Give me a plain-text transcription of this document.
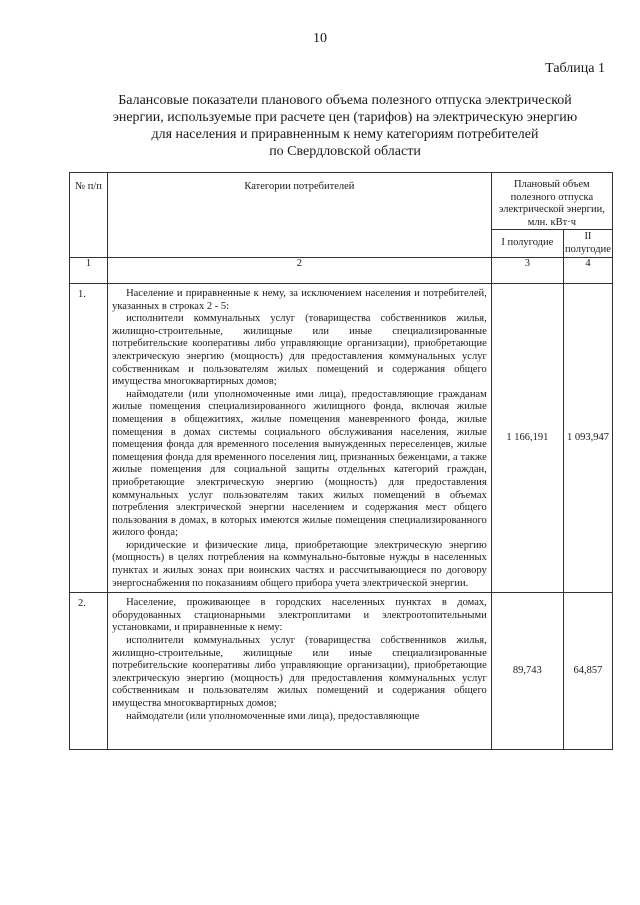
10
Таблица 1
Балансовые показатели планового объема полезного отпуска электрической
энергии, используемые при расчете цен (тарифов) на электрическую энергию
для населения и приравненным к нему категориям потребителей
по Свердловской области
№ п/п	Категории потребителей	Плановый объем полезного отпуска электрической энергии, млн. кВт·ч	
		I полугодие	II полугодие
1	2	3	4
1.	Население и приравненные к нему, за исключением населения и потребителей, указанных в строках 2 - 5:

исполнители коммунальных услуг (товарищества собственников жилья, жилищно-строительные, жилищные или иные специализированные потребительские кооперативы либо управляющие организации), приобретающие электрическую энергию (мощность) для предоставления коммунальных услуг собственникам и пользователям жилых помещений и содержания общего имущества многоквартирных домов;

наймодатели (или уполномоченные ими лица), предоставляющие гражданам жилые помещения специализированного жилищного фонда, включая жилые помещения в общежитиях, жилые помещения маневренного фонда, жилые помещения в домах системы социального обслуживания населения, жилые помещения фонда для временного поселения вынужденных переселенцев, жилые помещения фонда для временного поселения лиц, признанных беженцами, а также жилые помещения для социальной защиты отдельных категорий граждан, приобретающие электрическую энергию (мощность) для предоставления коммунальных услуг пользователям таких жилых помещений в объемах потребления электрической энергии населением и содержания мест общего пользования в домах, в которых имеются жилые помещения специализированного жилого фонда;

юридические и физические лица, приобретающие электрическую энергию (мощность) в целях потребления на коммунально-бытовые нужды в населенных пунктах и жилых зонах при воинских частях и рассчитывающиеся по договору энергоснабжения по показаниям общего прибора учета электрической энергии.	1 166,191	1 093,947
2.	Население, проживающее в городских населенных пунктах в домах, оборудованных стационарными электроплитами и электроотопительными установками, и приравненные к нему:

исполнители коммунальных услуг (товарищества собственников жилья, жилищно-строительные, жилищные или иные специализированные потребительские кооперативы либо управляющие организации), приобретающие электрическую энергию (мощность) для предоставления коммунальных услуг собственникам и пользователям жилых помещений и содержания общего имущества многоквартирных домов;

наймодатели (или уполномоченные ими лица), предоставляющие	89,743	64,857
